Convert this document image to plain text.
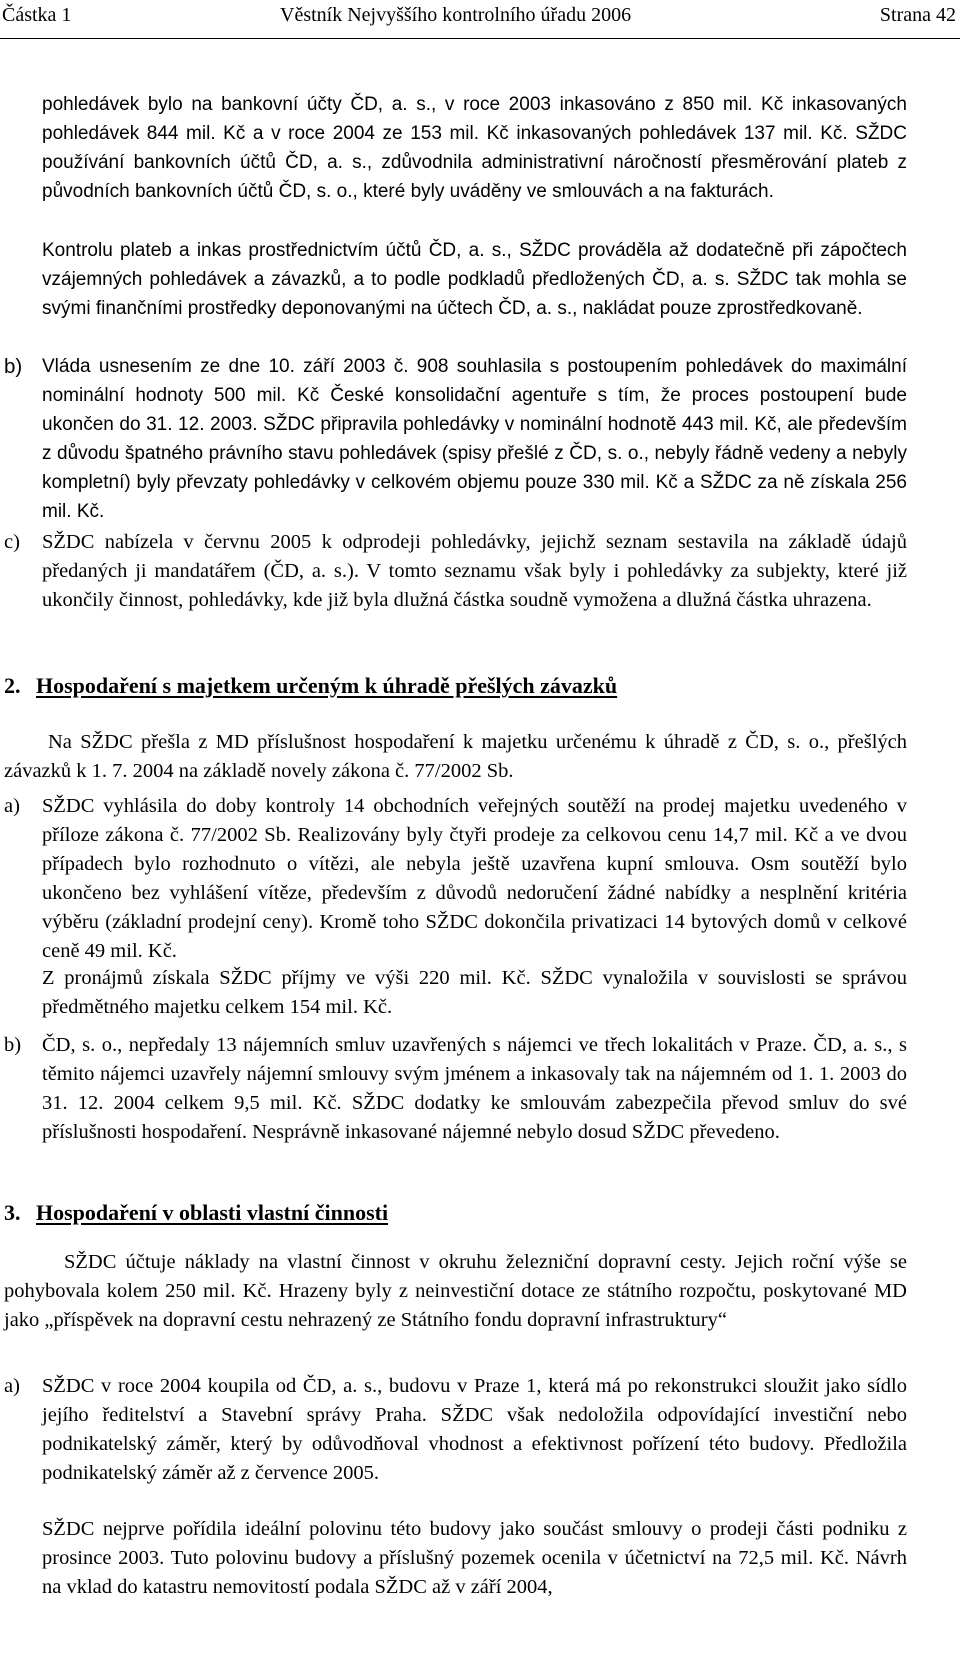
Částka 1	Věstník Nejvyššího kontrolního úřadu 2006	Strana 42

pohledávek bylo na bankovní účty ČD, a. s., v roce 2003 inkasováno z 850 mil. Kč inkasovaných pohledávek 844 mil. Kč a v roce 2004 ze 153 mil. Kč inkasovaných pohledávek 137 mil. Kč. SŽDC používání bankovních účtů ČD, a. s., zdůvodnila administrativní náročností přesměrování plateb z původních bankovních účtů ČD, s. o., které byly uváděny ve smlouvách a na fakturách.

Kontrolu plateb a inkas prostřednictvím účtů ČD, a. s., SŽDC prováděla až dodatečně při zápočtech vzájemných pohledávek a závazků, a to podle podkladů předložených ČD, a. s. SŽDC tak mohla se svými finančními prostředky deponovanými na účtech ČD, a. s., nakládat pouze zprostředkovaně.

b) Vláda usnesením ze dne 10. září 2003 č. 908 souhlasila s postoupením pohledávek do maximální nominální hodnoty 500 mil. Kč České konsolidační agentuře s tím, že proces postoupení bude ukončen do 31. 12. 2003. SŽDC připravila pohledávky v nominální hodnotě 443 mil. Kč, ale především z důvodu špatného právního stavu pohledávek (spisy přešlé z ČD, s. o., nebyly řádně vedeny a nebyly kompletní) byly převzaty pohledávky v celkovém objemu pouze 330 mil. Kč a SŽDC za ně získala 256 mil. Kč.

c) SŽDC nabízela v červnu 2005 k odprodeji pohledávky, jejichž seznam sestavila na základě údajů předaných ji mandatářem (ČD, a. s.). V tomto seznamu však byly i pohledávky za subjekty, které již ukončily činnost, pohledávky, kde již byla dlužná částka soudně vymožena a dlužná částka uhrazena.

2. Hospodaření s majetkem určeným k úhradě přešlých závazků

Na SŽDC přešla z MD příslušnost hospodaření k majetku určenému k úhradě z ČD, s. o., přešlých závazků k 1. 7. 2004 na základě novely zákona č. 77/2002 Sb.

a) SŽDC vyhlásila do doby kontroly 14 obchodních veřejných soutěží na prodej majetku uvedeného v příloze zákona č. 77/2002 Sb. Realizovány byly čtyři prodeje za celkovou cenu 14,7 mil. Kč a ve dvou případech bylo rozhodnuto o vítězi, ale nebyla ještě uzavřena kupní smlouva. Osm soutěží bylo ukončeno bez vyhlášení vítěze, především z důvodů nedoručení žádné nabídky a nesplnění kritéria výběru (základní prodejní ceny). Kromě toho SŽDC dokončila privatizaci 14 bytových domů v celkové ceně 49 mil. Kč.

Z pronájmů získala SŽDC příjmy ve výši 220 mil. Kč. SŽDC vynaložila v souvislosti se správou předmětného majetku celkem 154 mil. Kč.

b) ČD, s. o., nepředaly 13 nájemních smluv uzavřených s nájemci ve třech lokalitách v Praze. ČD, a. s., s těmito nájemci uzavřely nájemní smlouvy svým jménem a inkasovaly tak na nájemném od 1. 1. 2003 do 31. 12. 2004 celkem 9,5 mil. Kč. SŽDC dodatky ke smlouvám zabezpečila převod smluv do své příslušnosti hospodaření. Nesprávně inkasované nájemné nebylo dosud SŽDC převedeno.

3. Hospodaření v oblasti vlastní činnosti

SŽDC účtuje náklady na vlastní činnost v okruhu železniční dopravní cesty. Jejich roční výše se pohybovala kolem 250 mil. Kč. Hrazeny byly z neinvestiční dotace ze státního rozpočtu, poskytované MD jako „příspěvek na dopravní cestu nehrazený ze Státního fondu dopravní infrastruktury“

a) SŽDC v roce 2004 koupila od ČD, a. s., budovu v Praze 1, která má po rekonstrukci sloužit jako sídlo jejího ředitelství a Stavební správy Praha. SŽDC však nedoložila odpovídající investiční nebo podnikatelský záměr, který by odůvodňoval vhodnost a efektivnost pořízení této budovy. Předložila podnikatelský záměr až z července 2005.

SŽDC nejprve pořídila ideální polovinu této budovy jako součást smlouvy o prodeji části podniku z prosince 2003. Tuto polovinu budovy a příslušný pozemek ocenila v účetnictví na 72,5 mil. Kč. Návrh na vklad do katastru nemovitostí podala SŽDC až v září 2004,
